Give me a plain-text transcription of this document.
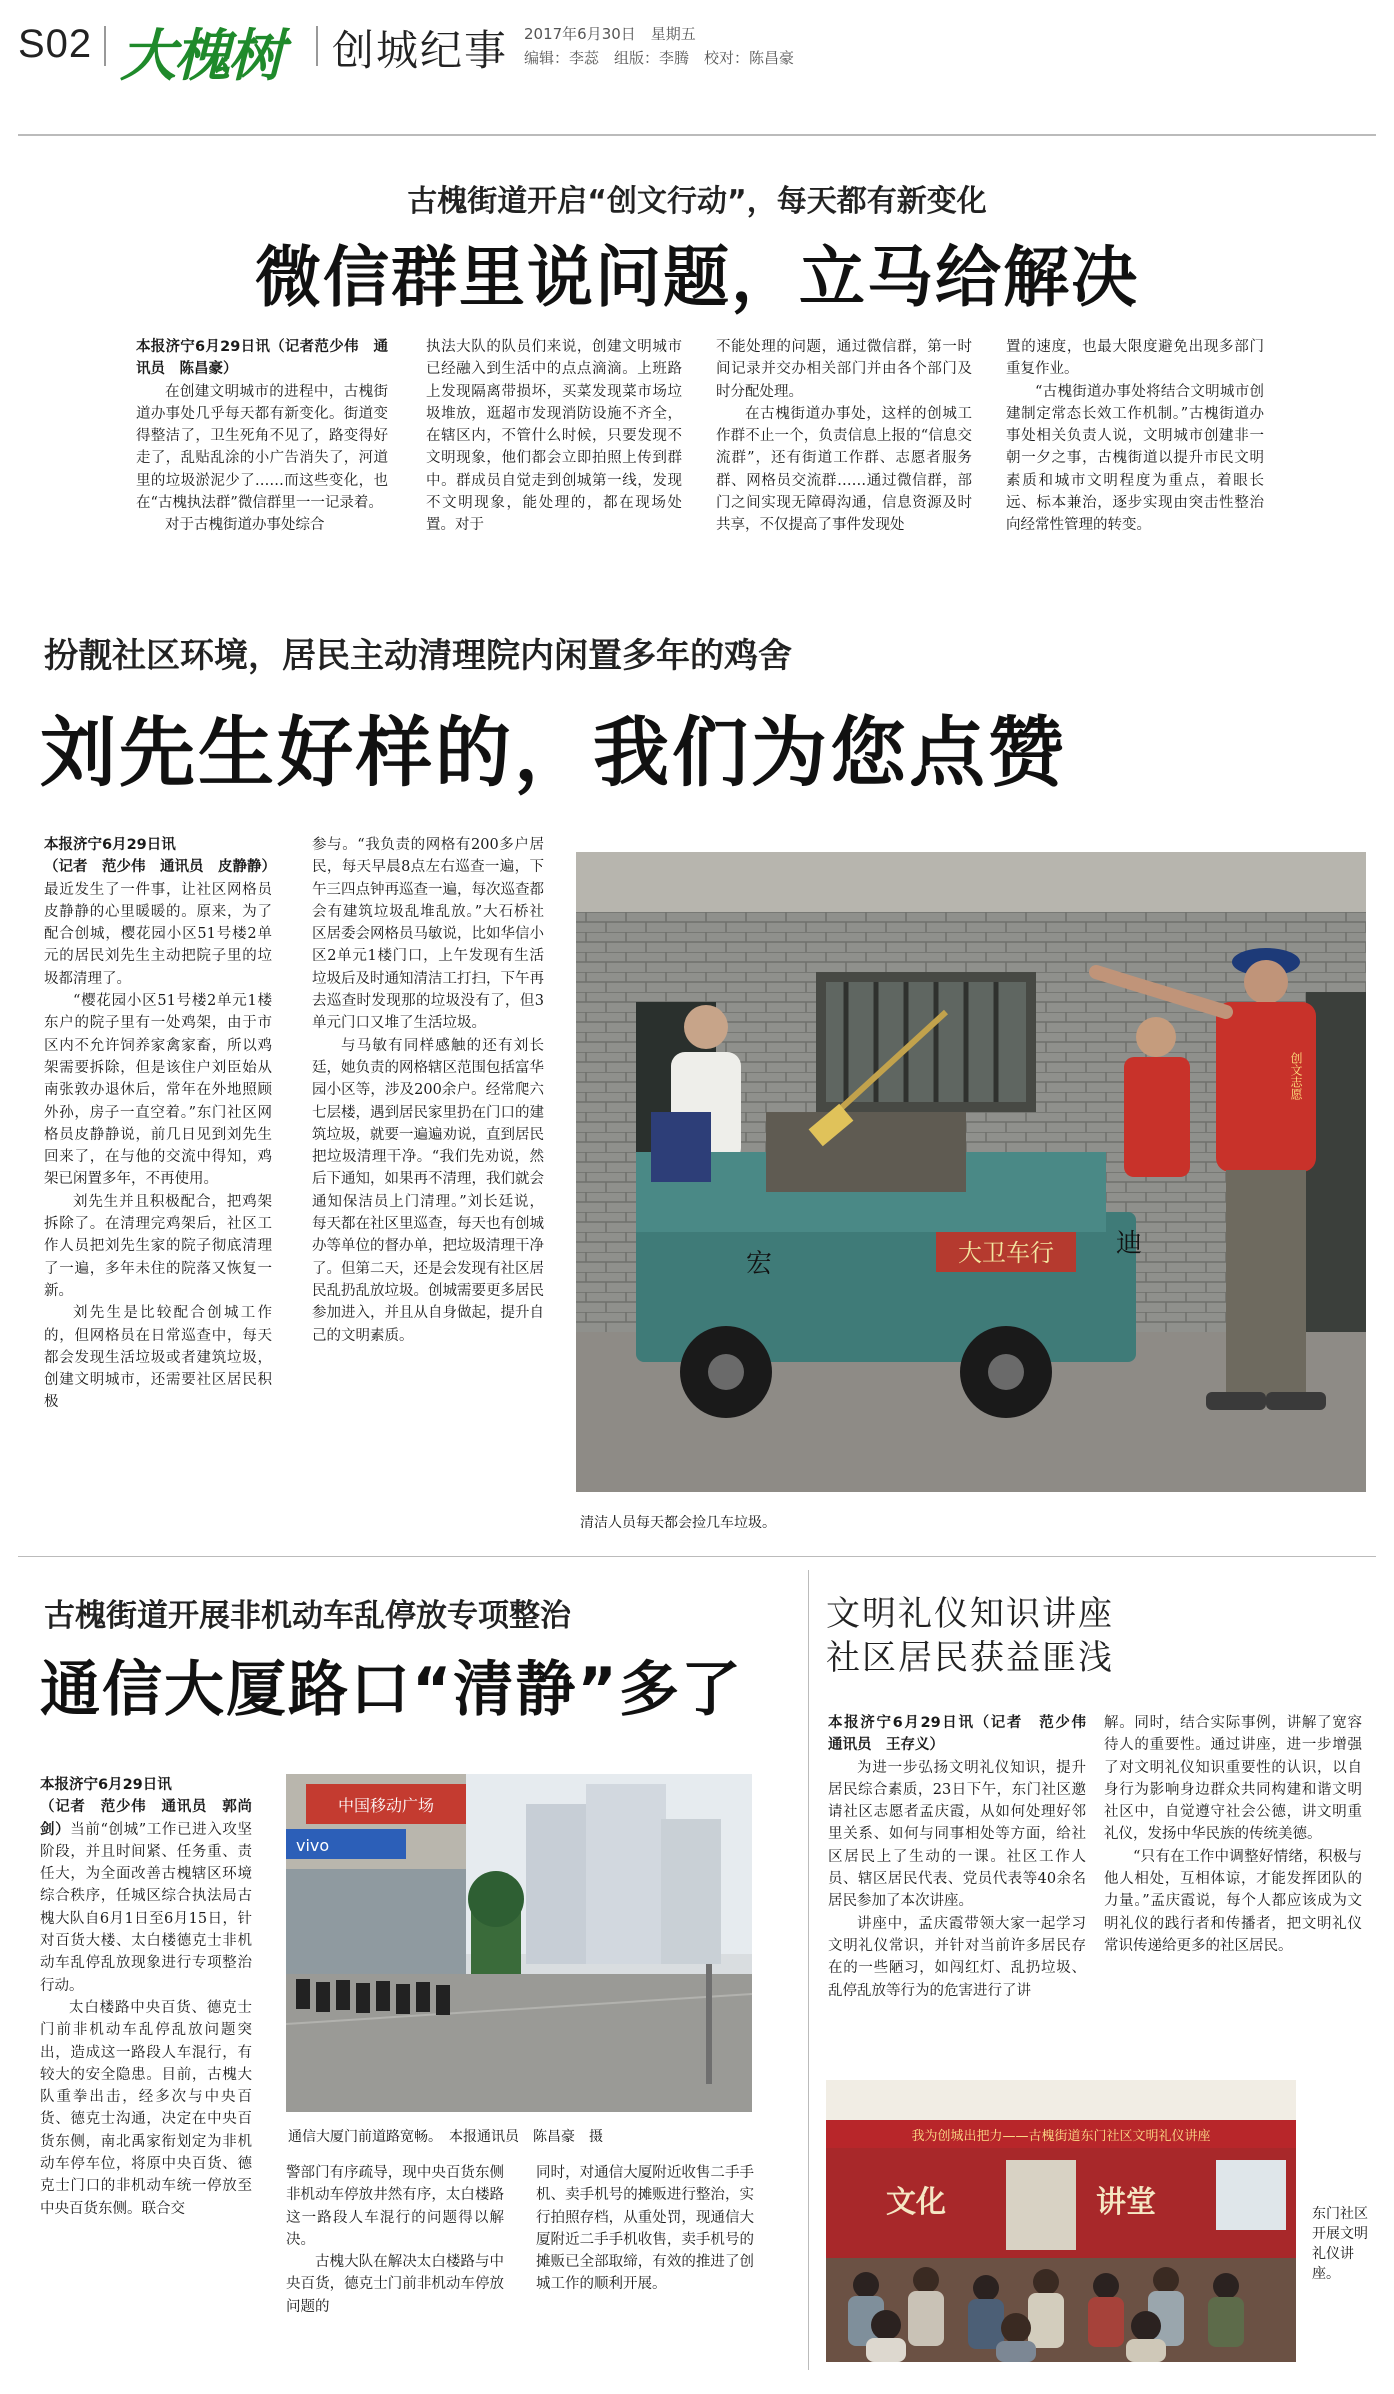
S02 大槐树 创城纪事 2017年6月30日　星期五
编辑：李蕊　组版：李腾　校对：陈昌豪
古槐街道开启“创文行动”，每天都有新变化
微信群里说问题，立马给解决

本报济宁6月29日讯（记者范少伟　通讯员　陈昌豪）

在创建文明城市的进程中，古槐街道办事处几乎每天都有新变化。街道变得整洁了，卫生死角不见了，路变得好走了，乱贴乱涂的小广告消失了，河道里的垃圾淤泥少了……而这些变化，也在“古槐执法群”微信群里一一记录着。

对于古槐街道办事处综合

执法大队的队员们来说，创建文明城市已经融入到生活中的点点滴滴。上班路上发现隔离带损坏，买菜发现菜市场垃圾堆放，逛超市发现消防设施不齐全，在辖区内，不管什么时候，只要发现不文明现象，他们都会立即拍照上传到群中。群成员自觉走到创城第一线，发现不文明现象，能处理的，都在现场处置。对于

不能处理的问题，通过微信群，第一时间记录并交办相关部门并由各个部门及时分配处理。

在古槐街道办事处，这样的创城工作群不止一个，负责信息上报的“信息交流群”，还有街道工作群、志愿者服务群、网格员交流群……通过微信群，部门之间实现无障碍沟通，信息资源及时共享，不仅提高了事件发现处

置的速度，也最大限度避免出现多部门重复作业。

“古槐街道办事处将结合文明城市创建制定常态长效工作机制。”古槐街道办事处相关负责人说，文明城市创建非一朝一夕之事，古槐街道以提升市民文明素质和城市文明程度为重点，着眼长远、标本兼治，逐步实现由突击性整治向经常性管理的转变。

扮靓社区环境，居民主动清理院内闲置多年的鸡舍
刘先生好样的，我们为您点赞

本报济宁6月29日讯
（记者　范少伟　通讯员　皮静静）最近发生了一件事，让社区网格员皮静静的心里暖暖的。原来，为了配合创城，樱花园小区51号楼2单元的居民刘先生主动把院子里的垃圾都清理了。

“樱花园小区51号楼2单元1楼东户的院子里有一处鸡架，由于市区内不允许饲养家禽家畜，所以鸡架需要拆除，但是该住户刘臣始从南张敦办退休后，常年在外地照顾外孙，房子一直空着。”东门社区网格员皮静静说，前几日见到刘先生回来了，在与他的交流中得知，鸡架已闲置多年，不再使用。

刘先生并且积极配合，把鸡架拆除了。在清理完鸡架后，社区工作人员把刘先生家的院子彻底清理了一遍，多年未住的院落又恢复一新。

刘先生是比较配合创城工作的，但网格员在日常巡查中，每天都会发现生活垃圾或者建筑垃圾，创建文明城市，还需要社区居民积极

参与。“我负责的网格有200多户居民，每天早晨8点左右巡查一遍，下午三四点钟再巡查一遍，每次巡查都会有建筑垃圾乱堆乱放。”大石桥社区居委会网格员马敏说，比如华信小区2单元1楼门口，上午发现有生活垃圾后及时通知清洁工打扫，下午再去巡查时发现那的垃圾没有了，但3单元门口又堆了生活垃圾。

与马敏有同样感触的还有刘长廷，她负责的网格辖区范围包括富华园小区等，涉及200余户。经常爬六七层楼，遇到居民家里扔在门口的建筑垃圾，就要一遍遍劝说，直到居民把垃圾清理干净。“我们先劝说，然后下通知，如果再不清理，我们就会通知保洁员上门清理。”刘长廷说，每天都在社区里巡查，每天也有创城办等单位的督办单，把垃圾清理干净了。但第二天，还是会发现有社区居民乱扔乱放垃圾。创城需要更多居民参加进入，并且从自身做起，提升自己的文明素质。

大卫车行
宏
迪
创文志愿
清洁人员每天都会捡几车垃圾。
古槐街道开展非机动车乱停放专项整治
通信大厦路口“清静”多了

本报济宁6月29日讯
（记者　范少伟　通讯员　郭尚剑）当前“创城”工作已进入攻坚阶段，并且时间紧、任务重、责任大，为全面改善古槐辖区环境综合秩序，任城区综合执法局古槐大队自6月1日至6月15日，针对百货大楼、太白楼德克士非机动车乱停乱放现象进行专项整治行动。

太白楼路中央百货、德克士门前非机动车乱停乱放问题突出，造成这一路段人车混行，有较大的安全隐患。目前，古槐大队重拳出击，经多次与中央百货、德克士沟通，决定在中央百货东侧，南北禹家衔划定为非机动车停车位，将原中央百货、德克士门口的非机动车统一停放至中央百货东侧。联合交

中国移动广场
vivo
通信大厦门前道路宽畅。　本报通讯员　陈昌豪　摄

警部门有序疏导，现中央百货东侧非机动车停放井然有序，太白楼路这一路段人车混行的问题得以解决。

古槐大队在解决太白楼路与中央百货，德克士门前非机动车停放问题的

同时，对通信大厦附近收售二手手机、卖手机号的摊贩进行整治，实行拍照存档，从重处罚，现通信大厦附近二手手机收售，卖手机号的摊贩已全部取缔，有效的推进了创城工作的顺利开展。

文明礼仪知识讲座
社区居民获益匪浅

本报济宁6月29日讯（记者　范少伟　通讯员　王存义）

为进一步弘扬文明礼仪知识，提升居民综合素质，23日下午，东门社区邀请社区志愿者孟庆霞，从如何处理好邻里关系、如何与同事相处等方面，给社区居民上了生动的一课。社区工作人员、辖区居民代表、党员代表等40余名居民参加了本次讲座。

讲座中，孟庆霞带领大家一起学习文明礼仪常识，并针对当前许多居民存在的一些陋习，如闯红灯、乱扔垃圾、乱停乱放等行为的危害进行了讲

解。同时，结合实际事例，讲解了宽容待人的重要性。通过讲座，进一步增强了对文明礼仪知识重要性的认识，以自身行为影响身边群众共同构建和谐文明社区中，自觉遵守社会公德，讲文明重礼仪，发扬中华民族的传统美德。

“只有在工作中调整好情绪，积极与他人相处，互相体谅，才能发挥团队的力量。”孟庆霞说，每个人都应该成为文明礼仪的践行者和传播者，把文明礼仪常识传递给更多的社区居民。

我为创城出把力——古槐街道东门社区文明礼仪讲座
文化	讲堂	东门社区开展文明礼仪讲座。
